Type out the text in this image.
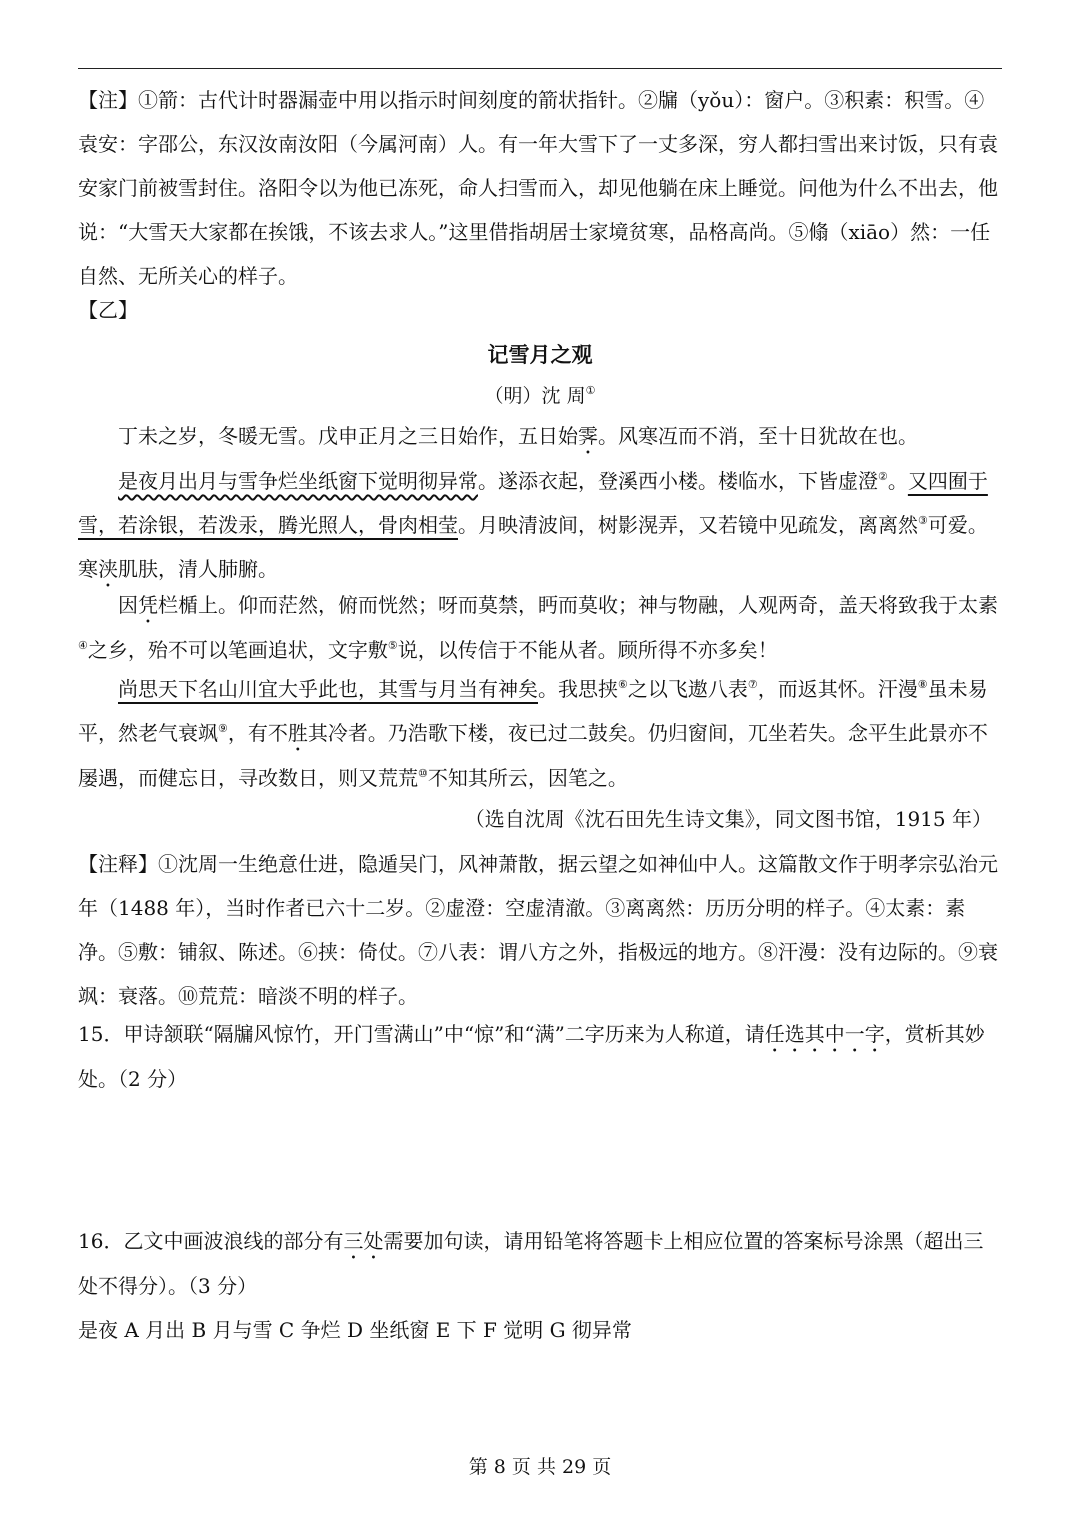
【注】①箭：古代计时器漏壶中用以指示时间刻度的箭状指针。②牖（yǒu）：窗户。③积素：积雪。④袁安：字邵公，东汉汝南汝阳（今属河南）人。有一年大雪下了一丈多深，穷人都扫雪出来讨饭，只有袁安家门前被雪封住。洛阳令以为他已冻死，命人扫雪而入，却见他躺在床上睡觉。问他为什么不出去，他说：“大雪天大家都在挨饿，不该去求人。”这里借指胡居士家境贫寒，品格高尚。⑤翛（xiāo）然：一任自然、无所关心的样子。
【乙】
记雪月之观
（明）沈 周①
丁未之岁，冬暖无雪。戊申正月之三日始作，五日始霁。风寒冱而不消，至十日犹故在也。
是夜月出月与雪争烂坐纸窗下觉明彻异常。遂添衣起，登溪西小楼。楼临水，下皆虚澄②。又四囿于雪，若涂银，若泼汞，腾光照人，骨肉相莹。月映清波间，树影滉弄，又若镜中见疏发，离离然③可爱。寒浃肌肤，清人肺腑。
因凭栏楯上。仰而茫然，俯而恍然；呀而莫禁，眄而莫收；神与物融，人观两奇，盖天将致我于太素④之乡，殆不可以笔画追状，文字敷⑤说，以传信于不能从者。顾所得不亦多矣！
尚思天下名山川宜大乎此也，其雪与月当有神矣。我思挟⑥之以飞遨八表⑦，而返其怀。汗漫⑧虽未易平，然老气衰飒⑨，有不胜其冷者。乃浩歌下楼，夜已过二鼓矣。仍归窗间，兀坐若失。念平生此景亦不屡遇，而健忘日，寻改数日，则又荒荒⑩不知其所云，因笔之。
（选自沈周《沈石田先生诗文集》，同文图书馆，1915 年）
【注释】①沈周一生绝意仕进，隐遁吴门，风神萧散，据云望之如神仙中人。这篇散文作于明孝宗弘治元年（1488 年），当时作者已六十二岁。②虚澄：空虚清澈。③离离然：历历分明的样子。④太素：素净。⑤敷：铺叙、陈述。⑥挟：倚仗。⑦八表：谓八方之外，指极远的地方。⑧汗漫：没有边际的。⑨衰飒：衰落。⑩荒荒：暗淡不明的样子。
15．甲诗颔联“隔牖风惊竹，开门雪满山”中“惊”和“满”二字历来为人称道，请任选其中一字，赏析其妙处。（2 分）
16．乙文中画波浪线的部分有三处需要加句读，请用铅笔将答题卡上相应位置的答案标号涂黑（超出三处不得分）。（3 分）
是夜 A 月出 B 月与雪 C 争烂 D 坐纸窗 E 下 F 觉明 G 彻异常
第 8 页 共 29 页
